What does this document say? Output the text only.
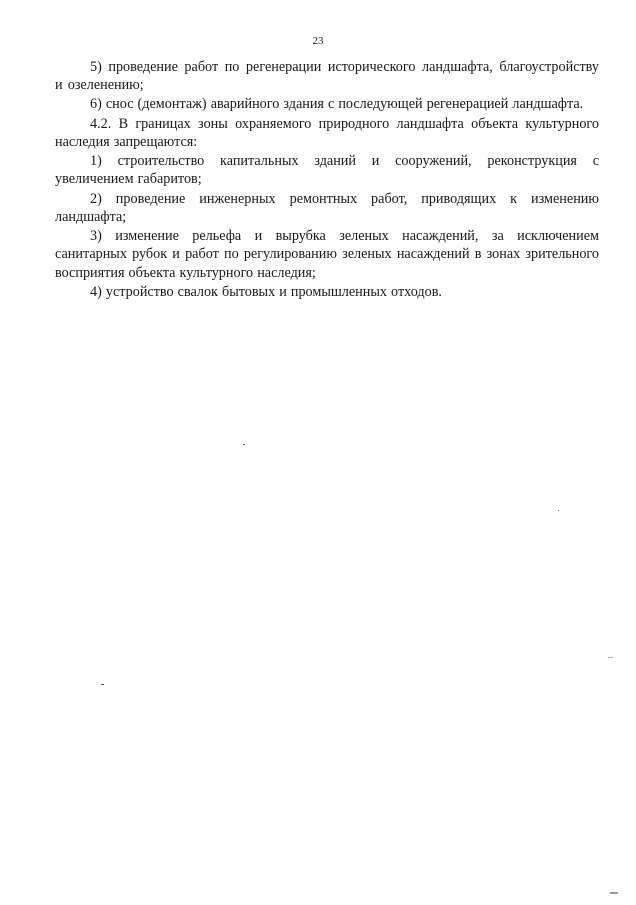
23

5) проведение работ по регенерации исторического ландшафта, благоустройству и озеленению;

6) снос (демонтаж) аварийного здания с последующей регенерацией ландшафта.

4.2. В границах зоны охраняемого природного ландшафта объекта культурного наследия запрещаются:

1) строительство капитальных зданий и сооружений, реконструкция с увеличением габаритов;

2) проведение инженерных ремонтных работ, приводящих к изменению ландшафта;

3) изменение рельефа и вырубка зеленых насаждений, за исключением санитарных рубок и работ по регулированию зеленых насаждений в зонах зрительного восприятия объекта культурного наследия;

4) устройство свалок бытовых и промышленных отходов.
